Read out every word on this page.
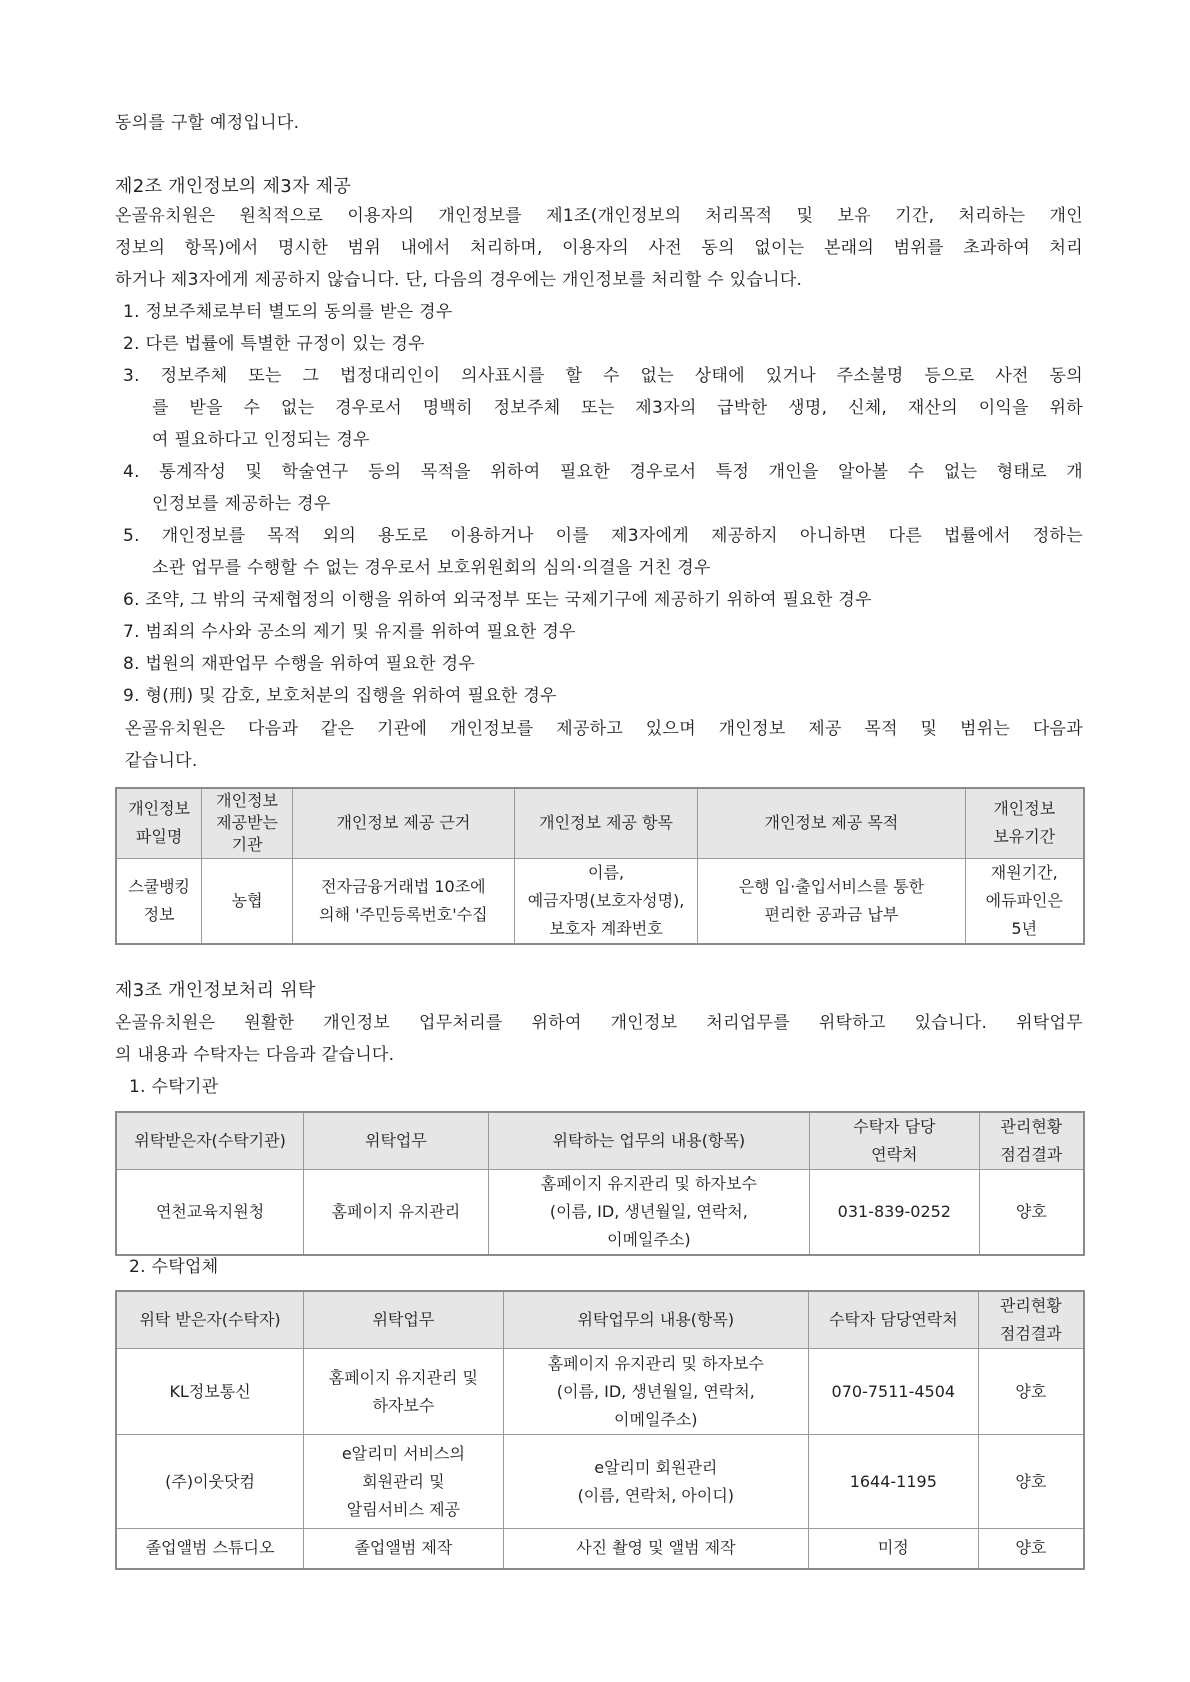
동의를 구할 예정입니다.
제2조 개인정보의 제3자 제공
온골유치원은 원칙적으로 이용자의 개인정보를 제1조(개인정보의 처리목적 및 보유 기간, 처리하는 개인
정보의 항목)에서 명시한 범위 내에서 처리하며, 이용자의 사전 동의 없이는 본래의 범위를 초과하여 처리
하거나 제3자에게 제공하지 않습니다. 단, 다음의 경우에는 개인정보를 처리할 수 있습니다.
1. 정보주체로부터 별도의 동의를 받은 경우
2. 다른 법률에 특별한 규정이 있는 경우
3. 정보주체 또는 그 법정대리인이 의사표시를 할 수 없는 상태에 있거나 주소불명 등으로 사전 동의
를 받을 수 없는 경우로서 명백히 정보주체 또는 제3자의 급박한 생명, 신체, 재산의 이익을 위하
여 필요하다고 인정되는 경우
4. 통계작성 및 학술연구 등의 목적을 위하여 필요한 경우로서 특정 개인을 알아볼 수 없는 형태로 개
인정보를 제공하는 경우
5. 개인정보를 목적 외의 용도로 이용하거나 이를 제3자에게 제공하지 아니하면 다른 법률에서 정하는
소관 업무를 수행할 수 없는 경우로서 보호위원회의 심의·의결을 거친 경우
6. 조약, 그 밖의 국제협정의 이행을 위하여 외국정부 또는 국제기구에 제공하기 위하여 필요한 경우
7. 범죄의 수사와 공소의 제기 및 유지를 위하여 필요한 경우
8. 법원의 재판업무 수행을 위하여 필요한 경우
9. 형(刑) 및 감호, 보호처분의 집행을 위하여 필요한 경우
온골유치원은 다음과 같은 기관에 개인정보를 제공하고 있으며 개인정보 제공 목적 및 범위는 다음과
같습니다.
개인정보
파일명	개인정보
제공받는
기관	개인정보 제공 근거	개인정보 제공 항목	개인정보 제공 목적	개인정보
보유기간

스쿨뱅킹
정보	농협	전자금융거래법 10조에
의해 '주민등록번호'수집	이름,
예금자명(보호자성명),
보호자 계좌번호	은행 입·출입서비스를 통한
편리한 공과금 납부	재원기간,
에듀파인은
5년
제3조 개인정보처리 위탁
온골유치원은 원활한 개인정보 업무처리를 위하여 개인정보 처리업무를 위탁하고 있습니다. 위탁업무
의 내용과 수탁자는 다음과 같습니다.
1. 수탁기관
위탁받은자(수탁기관)	위탁업무	위탁하는 업무의 내용(항목)	수탁자 담당
연락처	관리현황
점검결과

연천교육지원청	홈페이지 유지관리	홈페이지 유지관리 및 하자보수
(이름, ID, 생년월일, 연락처,
이메일주소)	031-839-0252	양호
2. 수탁업체
위탁 받은자(수탁자)	위탁업무	위탁업무의 내용(항목)	수탁자 담당연락처	관리현황
점검결과

KL정보통신	홈페이지 유지관리 및
하자보수	홈페이지 유지관리 및 하자보수
(이름, ID, 생년월일, 연락처,
이메일주소)	070-7511-4504	양호

(주)이웃닷컴	e알리미 서비스의
회원관리 및
알림서비스 제공	e알리미 회원관리
(이름, 연락처, 아이디)	1644-1195	양호

졸업앨범 스튜디오	졸업앨범 제작	사진 촬영 및 앨범 제작	미정	양호
